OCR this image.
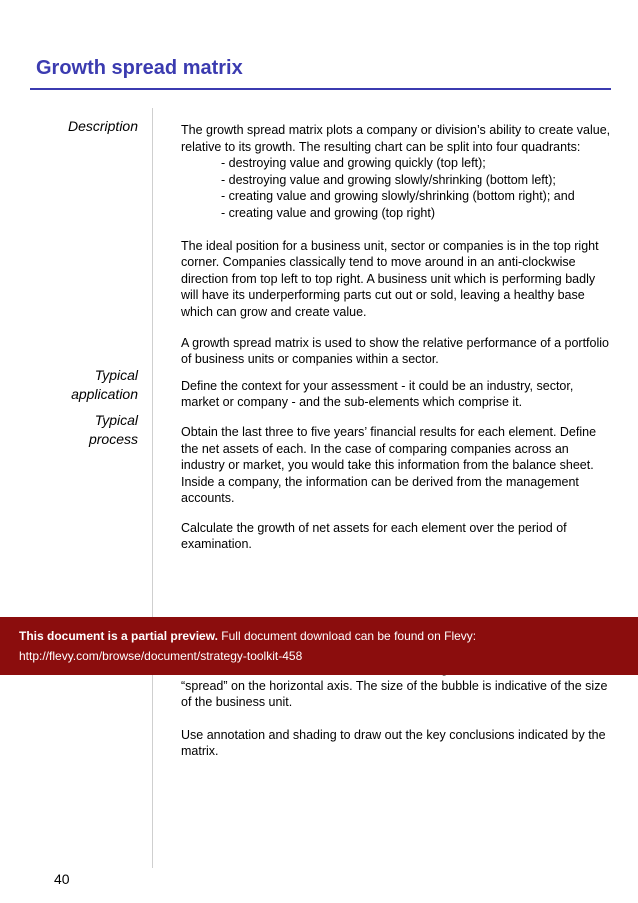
Growth spread matrix
Description
Typical
application
Typical
process

The growth spread matrix plots a company or division’s ability to create value, relative to its growth. The resulting chart can be split into four quadrants:

- destroying value and growing quickly (top left);
- destroying value and growing slowly/shrinking (bottom left);
- creating value and growing slowly/shrinking (bottom right); and
- creating value and growing (top right)

The ideal position for a business unit, sector or companies is in the top right corner. Companies classically tend to move around in an anti-clockwise direction from top left to top right. A business unit which is performing badly will have its underperforming parts cut out or sold, leaving a healthy base which can grow and create value.

A growth spread matrix is used to show the relative performance of a portfolio of business units or companies within a sector.

Define the context for your assessment - it could be an industry, sector, market or company - and the sub-elements which comprise it.

Obtain the last three to five years’ financial results for each element. Define the net assets of each. In the case of comparing companies across an industry or market, you would take this information from the balance sheet. Inside a company, the information can be derived from the management accounts.

Calculate the growth of net assets for each element over the period of examination.

“spread” on the horizontal axis. The size of the bubble is indicative of the size of the business unit.

Use annotation and shading to draw out the key conclusions indicated by the matrix.

This document is a partial preview. Full document download can be found on Flevy:
http://flevy.com/browse/document/strategy-toolkit-458
40
